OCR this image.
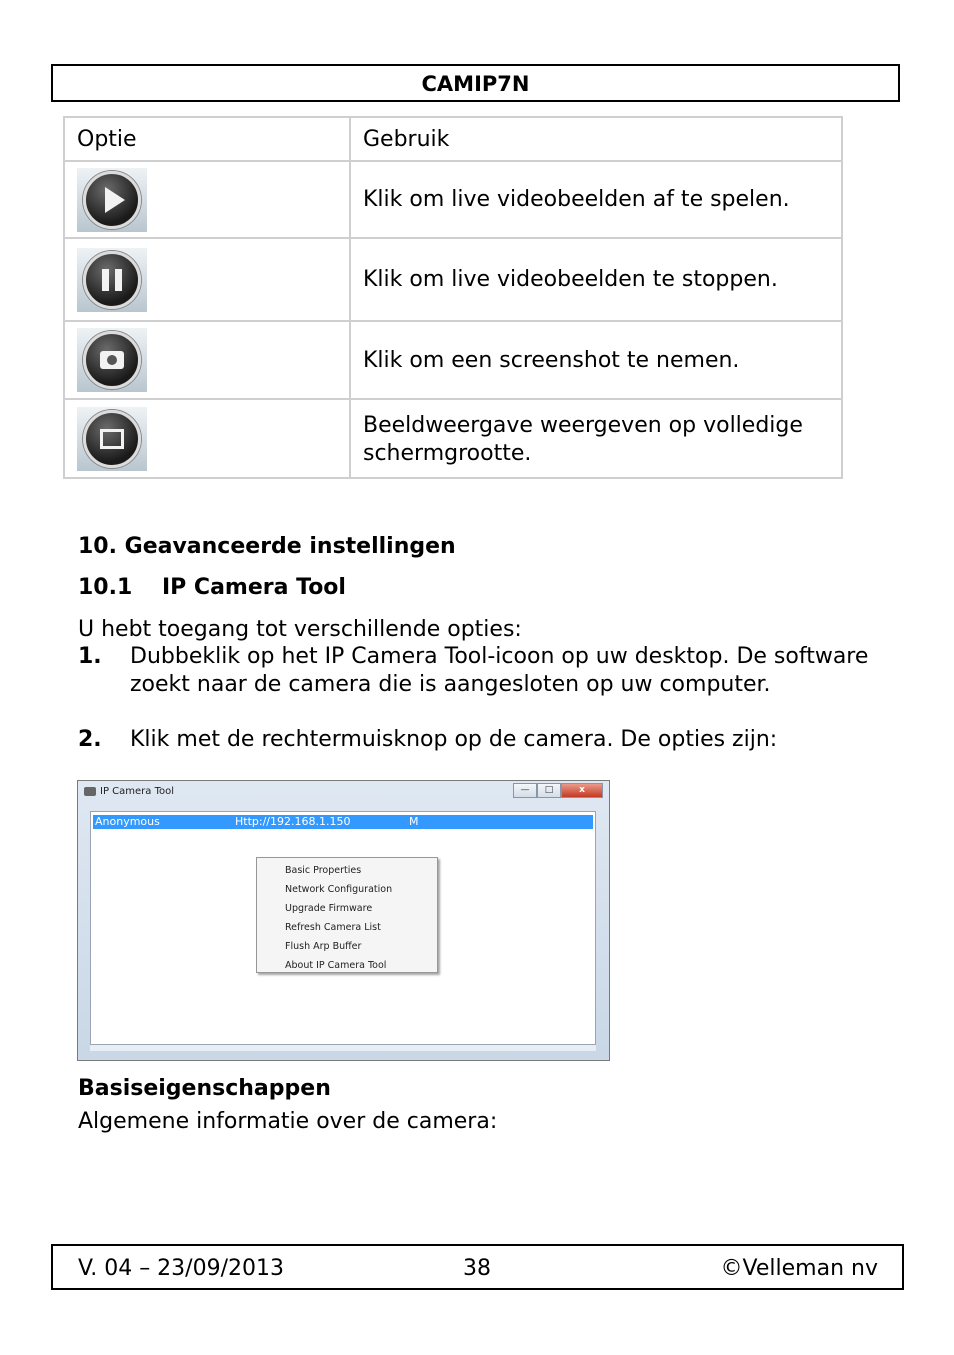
CAMIP7N
Optie	Gebruik

	Klik om live videobeelden af te spelen.

	Klik om live videobeelden te stoppen.

	Klik om een screenshot te nemen.

	Beeldweergave weergeven op volledige schermgrootte.
10. Geavanceerde instellingen
10.1 IP Camera Tool
U hebt toegang tot verschillende opties:
1. Dubbeklik op het IP Camera Tool-icoon op uw desktop. De software zoekt naar de camera die is aangesloten op uw computer.
2. Klik met de rechtermuisknop op de camera. De opties zijn:
IP Camera Tool	—	□	x
Anonymous	Http://192.168.1.150	M
Basic Properties
Network Configuration
Upgrade Firmware
Refresh Camera List
Flush Arp Buffer
About IP Camera Tool
Basiseigenschappen
Algemene informatie over de camera:
V. 04 – 23/09/2013	38	©Velleman nv
